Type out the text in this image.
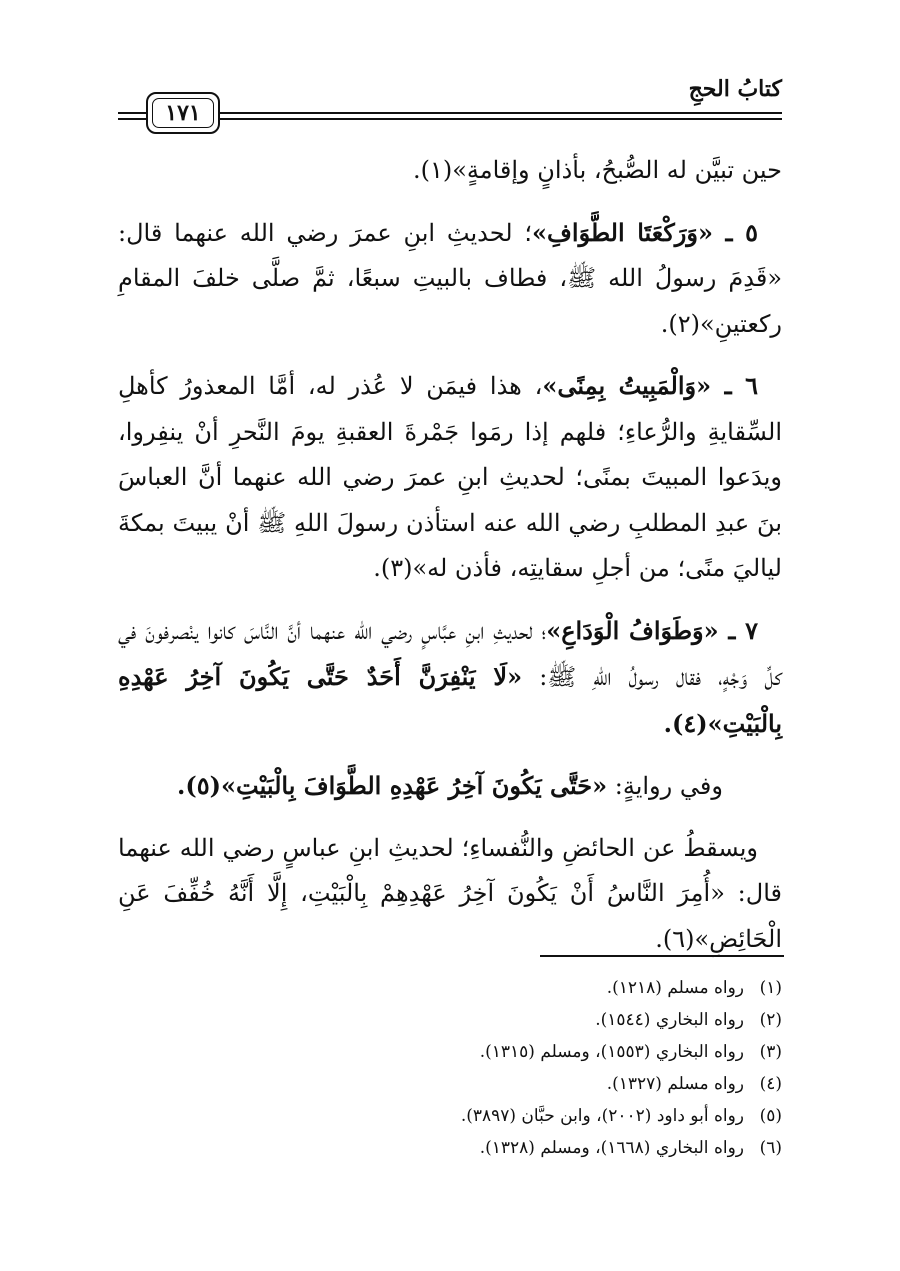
كتابُ الحجِ
١٧١

حين تبيَّن له الصُّبحُ، بأذانٍ وإقامةٍ»(١).

٥ ـ «وَرَكْعَتَا الطَّوَافِ»؛ لحديثِ ابنِ عمرَ رضي الله عنهما قال: «قَدِمَ رسولُ الله ﷺ، فطاف بالبيتِ سبعًا، ثمَّ صلَّى خلفَ المقامِ ركعتينِ»(٢).

٦ ـ «وَالْمَبِيتُ بِمِنًى»، هذا فيمَن لا عُذر له، أمَّا المعذورُ كأهلِ السِّقايةِ والرُّعاءِ؛ فلهم إذا رمَوا جَمْرةَ العقبةِ يومَ النَّحرِ أنْ ينفِروا، ويدَعوا المبيتَ بمنًى؛ لحديثِ ابنِ عمرَ رضي الله عنهما أنَّ العباسَ بنَ عبدِ المطلبِ رضي الله عنه استأذن رسولَ اللهِ ﷺ أنْ يبيتَ بمكةَ لياليَ منًى؛ من أجلِ سقايتِه، فأذن له»(٣).

٧ ـ «وَطَوَافُ الْوَدَاعِ»؛ لحديثِ ابنِ عبَّاسٍ رضي الله عنهما أنَّ النَّاسَ كانوا ينْصرفونَ في كلِّ وَجْهٍ، فقال رسولُ اللهِ ﷺ: «لَا يَنْفِرَنَّ أَحَدٌ حَتَّى يَكُونَ آخِرُ عَهْدِهِ بِالْبَيْتِ»(٤).

وفي روايةٍ: «حَتَّى يَكُونَ آخِرُ عَهْدِهِ الطَّوَافَ بِالْبَيْتِ»(٥).

ويسقطُ عن الحائضِ والنُّفساءِ؛ لحديثِ ابنِ عباسٍ رضي الله عنهما قال: «أُمِرَ النَّاسُ أَنْ يَكُونَ آخِرُ عَهْدِهِمْ بِالْبَيْتِ، إِلَّا أَنَّهُ خُفِّفَ عَنِ الْحَائِضِ»(٦).

(١)رواه مسلم (١٢١٨).

(٢)رواه البخاري (١٥٤٤).

(٣)رواه البخاري (١٥٥٣)، ومسلم (١٣١٥).

(٤)رواه مسلم (١٣٢٧).

(٥)رواه أبو داود (٢٠٠٢)، وابن حبَّان (٣٨٩٧).

(٦)رواه البخاري (١٦٦٨)، ومسلم (١٣٢٨).
